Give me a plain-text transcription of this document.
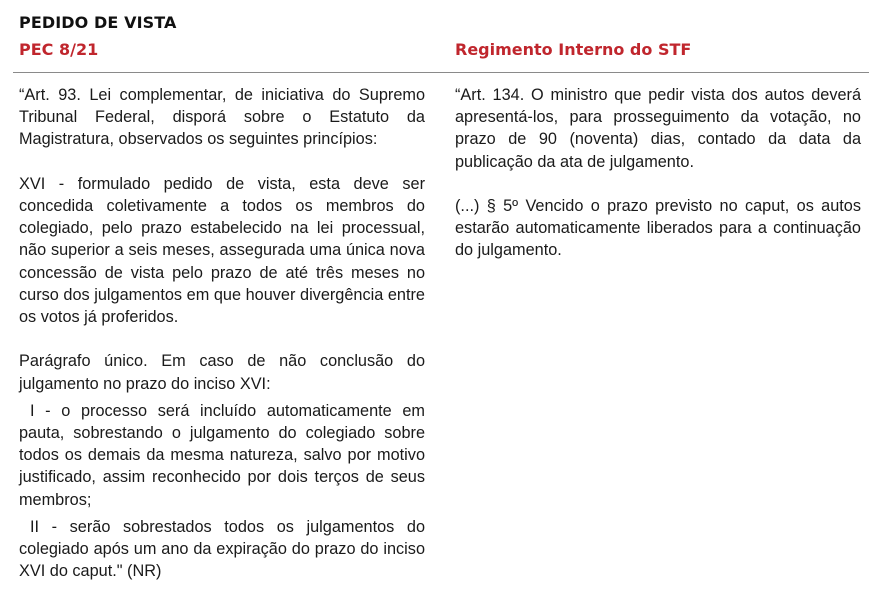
PEDIDO DE VISTA
PEC 8/21	Regimento Interno do STF

“Art. 93. Lei complementar, de iniciativa do Supremo Tribunal Federal, disporá sobre o Estatuto da Magistratura, observados os seguintes princípios:

XVI - formulado pedido de vista, esta deve ser concedida coletivamente a todos os membros do colegiado, pelo prazo estabelecido na lei processual, não superior a seis meses, assegurada uma única nova concessão de vista pelo prazo de até três meses no curso dos julgamentos em que houver divergência entre os votos já proferidos.

Parágrafo único. Em caso de não conclusão do julgamento no prazo do inciso XVI:

I - o processo será incluído automaticamente em pauta, sobrestando o julgamento do colegiado sobre todos os demais da mesma natureza, salvo por motivo justificado, assim reconhecido por dois terços de seus membros;

II - serão sobrestados todos os julgamentos do colegiado após um ano da expiração do prazo do inciso XVI do caput." (NR)

“Art. 134. O ministro que pedir vista dos autos deverá apresentá-los, para prosseguimento da votação, no prazo de 90 (noventa) dias, contado da data da publicação da ata de julgamento.

(...) § 5º Vencido o prazo previsto no caput, os autos estarão automaticamente liberados para a continuação do julgamento.
